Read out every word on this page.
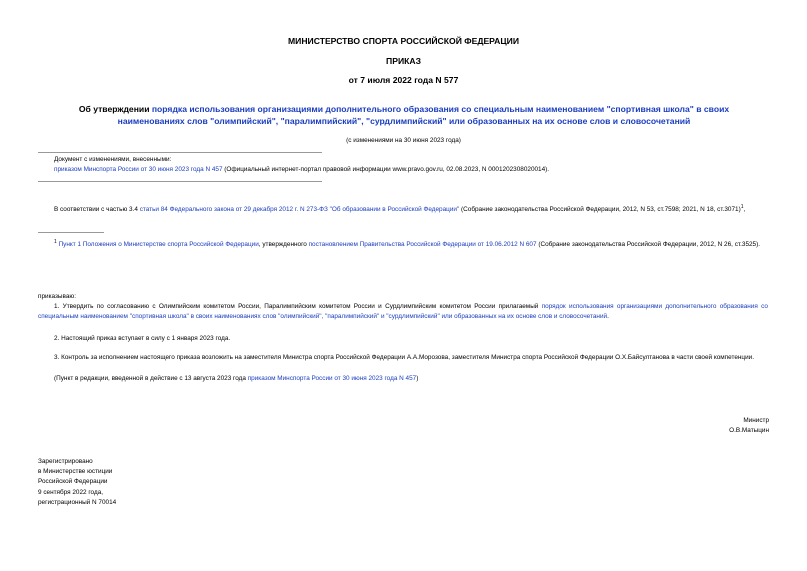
МИНИСТЕРСТВО СПОРТА РОССИЙСКОЙ ФЕДЕРАЦИИ
ПРИКАЗ
от 7 июля 2022 года N 577
Об утверждении порядка использования организациями дополнительного образования со специальным наименованием "спортивная школа" в своих наименованиях слов "олимпийский", "паралимпийский", "сурдлимпийский" или образованных на их основе слов и словосочетаний
(с изменениями на 30 июня 2023 года)
Документ с изменениями, внесенными:
приказом Минспорта России от 30 июня 2023 года N 457 (Официальный интернет-портал правовой информации www.pravo.gov.ru, 02.08.2023, N 0001202308020014).
В соответствии с частью 3.4 статьи 84 Федерального закона от 29 декабря 2012 г. N 273-ФЗ "Об образовании в Российской Федерации" (Собрание законодательства Российской Федерации, 2012, N 53, ст.7598; 2021, N 18, ст.3071)$^1$,
$^1$ Пункт 1 Положения о Министерстве спорта Российской Федерации, утвержденного постановлением Правительства Российской Федерации от 19.06.2012 N 607 (Собрание законодательства Российской Федерации, 2012, N 26, ст.3525).
приказываю:
1. Утвердить по согласованию с Олимпийским комитетом России, Паралимпийским комитетом России и Сурдлимпийским комитетом России прилагаемый порядок использования организациями дополнительного образования со специальным наименованием "спортивная школа" в своих наименованиях слов "олимпийский", "паралимпийский" и "сурдлимпийский" или образованных на их основе слов и словосочетаний.
2. Настоящий приказ вступает в силу с 1 января 2023 года.
3. Контроль за исполнением настоящего приказа возложить на заместителя Министра спорта Российской Федерации А.А.Морозова, заместителя Министра спорта Российской Федерации О.Х.Байсултанова в части своей компетенции.
(Пункт в редакции, введенной в действие с 13 августа 2023 года приказом Минспорта России от 30 июня 2023 года N 457)
Министр
О.В.Матыцин
Зарегистрировано
в Министерстве юстиции
Российской Федерации
9 сентября 2022 года,
регистрационный N 70014
